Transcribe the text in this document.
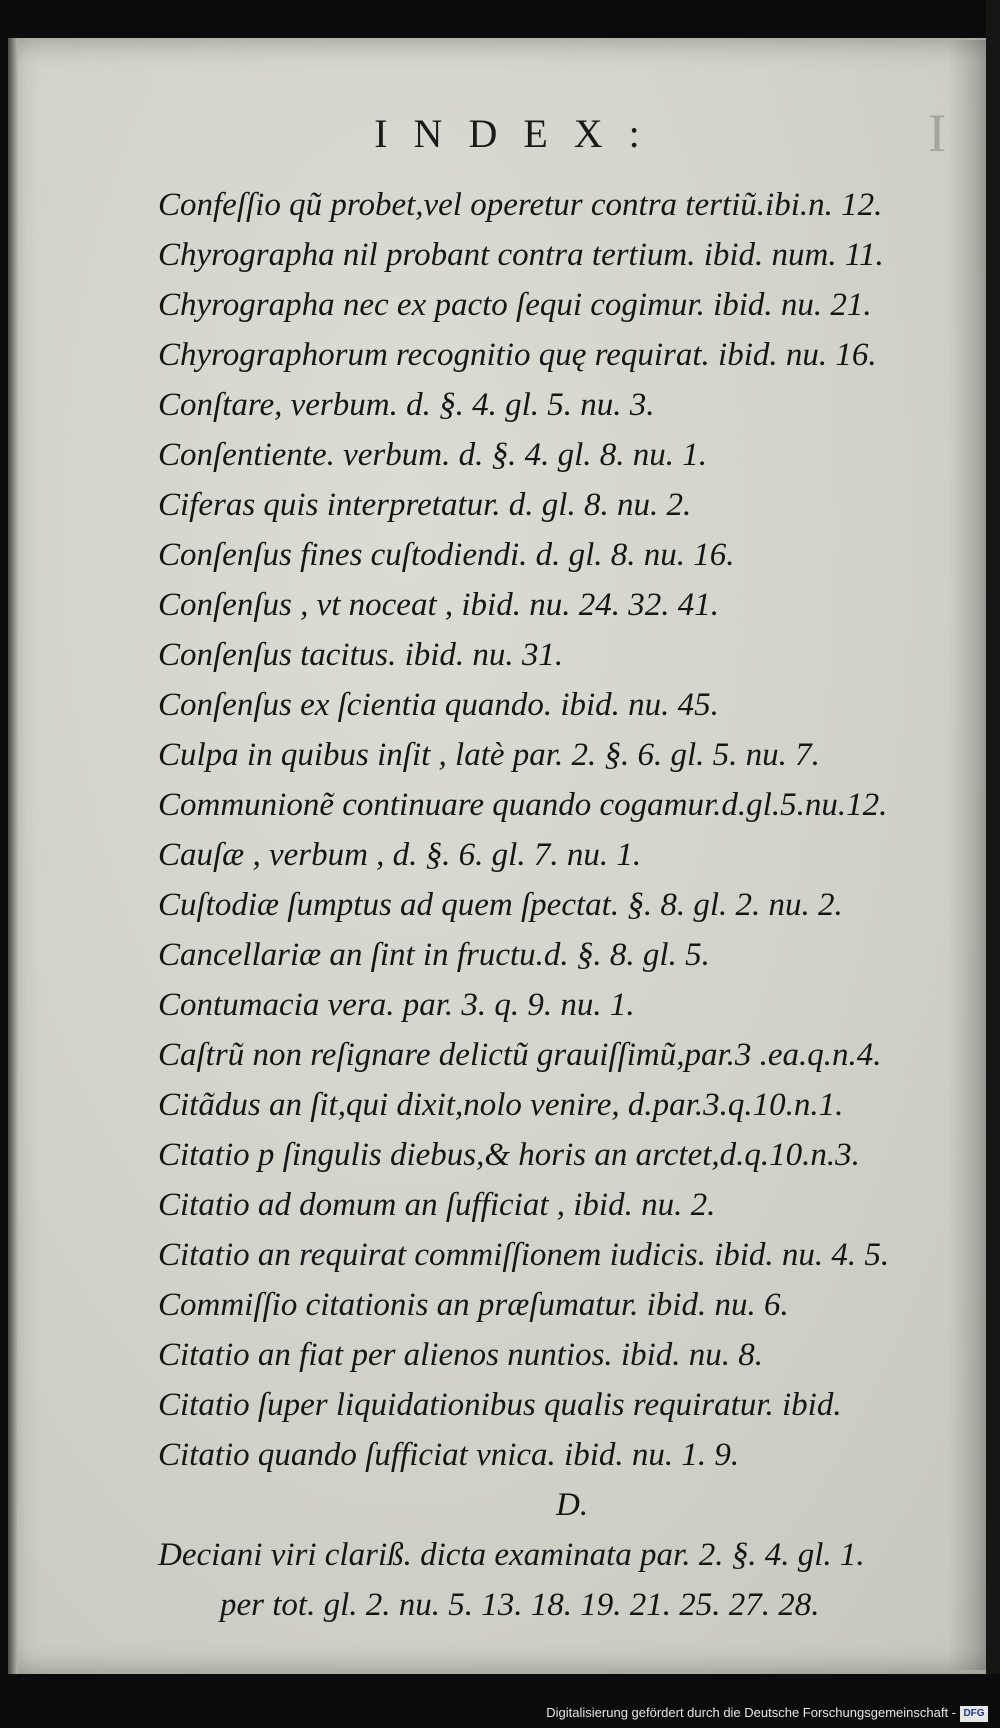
INDEX:	I
Confeſſio qũ probet,vel operetur contra tertiũ.ibi.n. 12.
Chyrographa nil probant contra tertium. ibid. num. 11.
Chyrographa nec ex pacto ſequi cogimur. ibid. nu. 21.
Chyrographorum recognitio quę requirat. ibid. nu. 16.
Conſtare, verbum. d. §. 4. gl. 5. nu. 3.
Conſentiente. verbum. d. §. 4. gl. 8. nu. 1.
Ciferas quis interpretatur. d. gl. 8. nu. 2.
Conſenſus fines cuſtodiendi. d. gl. 8. nu. 16.
Conſenſus , vt noceat , ibid. nu. 24. 32. 41.
Conſenſus tacitus. ibid. nu. 31.
Conſenſus ex ſcientia quando. ibid. nu. 45.
Culpa in quibus inſit , latè par. 2. §. 6. gl. 5. nu. 7.
Communionẽ continuare quando cogamur.d.gl.5.nu.12.
Cauſæ , verbum , d. §. 6. gl. 7. nu. 1.
Cuſtodiæ ſumptus ad quem ſpectat. §. 8. gl. 2. nu. 2.
Cancellariæ an ſint in fructu.d. §. 8. gl. 5.
Contumacia vera. par. 3. q. 9. nu. 1.
Caſtrũ non reſignare delictũ grauiſſimũ,par.3 .ea.q.n.4.
Citãdus an ſit,qui dixit,nolo venire, d.par.3.q.10.n.1.
Citatio p ſingulis diebus,& horis an arctet,d.q.10.n.3.
Citatio ad domum an ſufficiat , ibid. nu. 2.
Citatio an requirat commiſſionem iudicis. ibid. nu. 4. 5.
Commiſſio citationis an præſumatur. ibid. nu. 6.
Citatio an fiat per alienos nuntios. ibid. nu. 8.
Citatio ſuper liquidationibus qualis requiratur. ibid.
Citatio quando ſufficiat vnica. ibid. nu. 1. 9.
D.
Deciani viri clariß. dicta examinata par. 2. §. 4. gl. 1.
per tot. gl. 2. nu. 5. 13. 18. 19. 21. 25. 27. 28.
Digitalisierung gefördert durch die Deutsche Forschungsgemeinschaft - DFG
